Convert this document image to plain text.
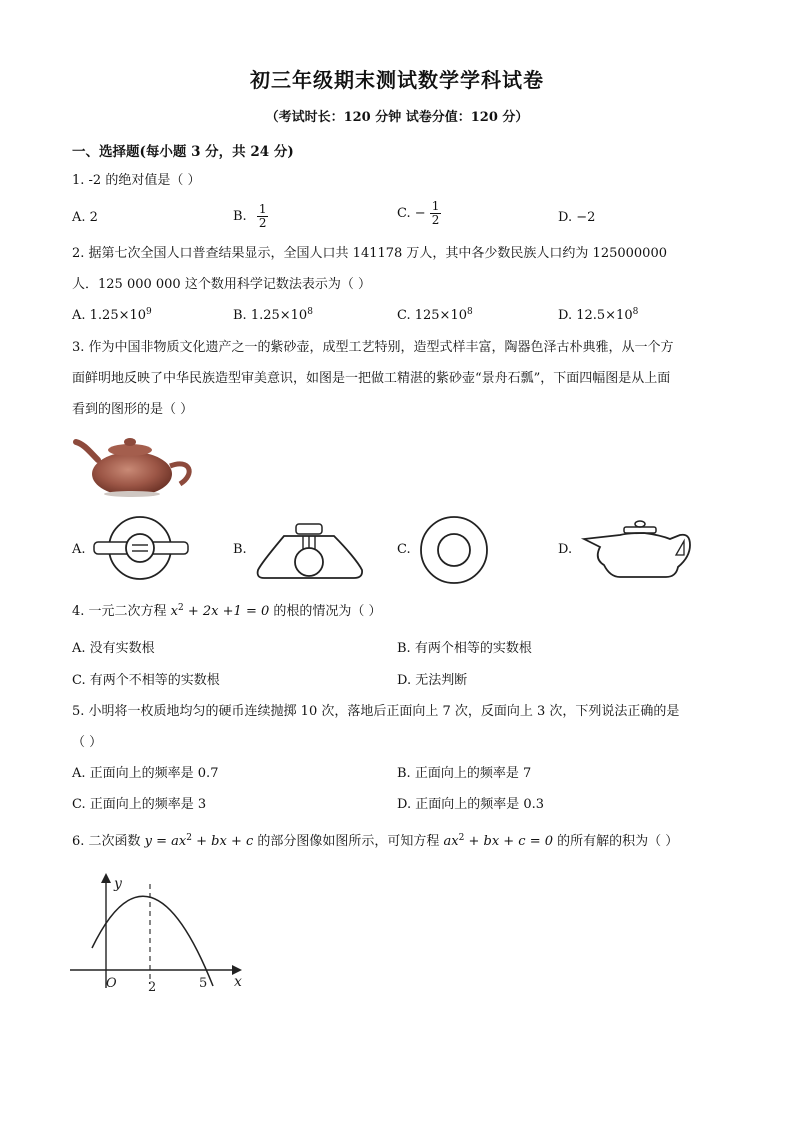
初三年级期末测试数学学科试卷
（考试时长：120 分钟 试卷分值：120 分）
一、选择题(每小题 3 分，共 24 分)
1. -2 的绝对值是（ ）
A. 2	B. $\frac{1}{2}$	C. − $\frac{1}{2}$	D. −2
2. 据第七次全国人口普查结果显示，全国人口共 141178 万人，其中各少数民族人口约为 125000000
人．125 000 000 这个数用科学记数法表示为（ ）
A. $1.25\times 10^9$	B. $1.25\times 10^8$	C. $125\times 10^8$	D. $12.5\times 10^8$
3. 作为中国非物质文化遗产之一的紫砂壶，成型工艺特别，造型式样丰富，陶器色泽古朴典雅，从一个方
面鲜明地反映了中华民族造型审美意识，如图是一把做工精湛的紫砂壶“景舟石瓢”，下面四幅图是从上面
看到的图形的是（ ）
A.	B.	C.	D.
4. 一元二次方程 $x^2 + 2x +1 = 0$ 的根的情况为（ ）
A. 没有实数根	B. 有两个相等的实数根
C. 有两个不相等的实数根	D. 无法判断
5. 小明将一枚质地均匀的硬币连续抛掷 10 次，落地后正面向上 7 次，反面向上 3 次，下列说法正确的是
（ ）
A. 正面向上的频率是 0.7	B. 正面向上的频率是 7
C. 正面向上的频率是 3	D. 正面向上的频率是 0.3
6. 二次函数 $y = ax^2$ + bx + c 的部分图像如图所示，可知方程 $ax^2$ + bx + c = 0 的所有解的积为（ ）
y
x
O 2	5
